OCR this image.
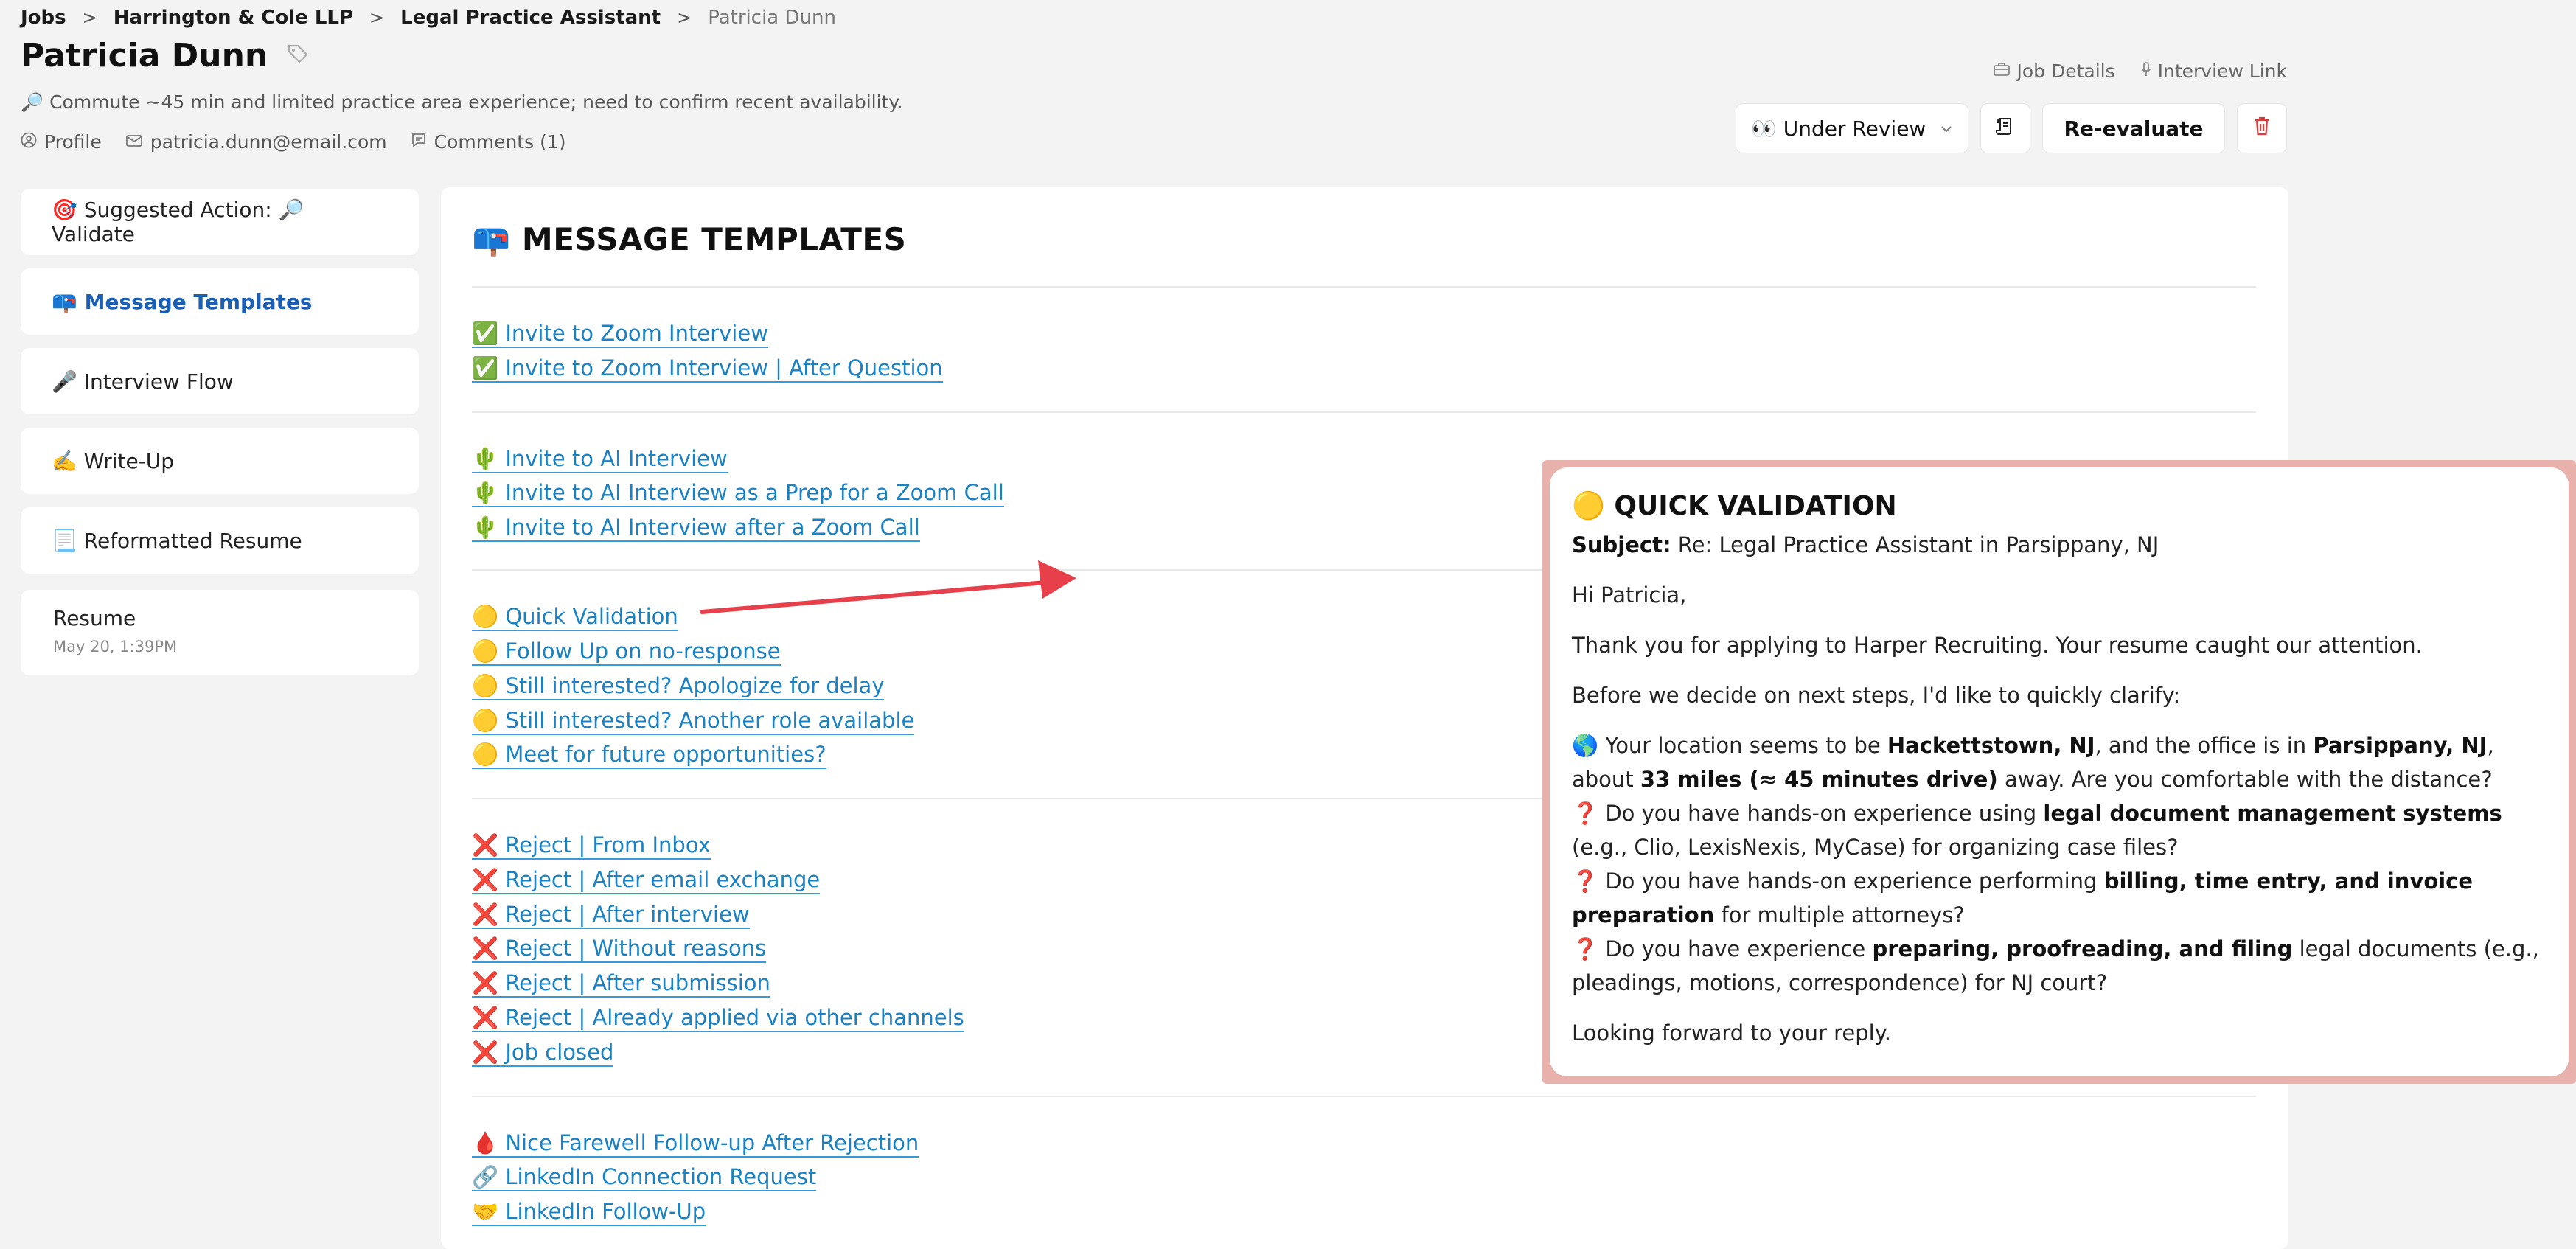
Jobs > Harrington & Cole LLP > Legal Practice Assistant > Patricia Dunn
Patricia Dunn
🔎 Commute ~45 min and limited practice area experience; need to confirm recent availability.
Profile	patricia.dunn@email.com	Comments (1)
Job Details Interview Link
👀 Under Review	Re-evaluate
🎯 Suggested Action: 🔎 Validate
📪 Message Templates
🎤 Interview Flow
✍️ Write-Up
📃 Reformatted Resume
Resume
May 20, 1:39PM
📪 MESSAGE TEMPLATES
✅ Invite to Zoom Interview
✅ Invite to Zoom Interview | After Question
🌵 Invite to AI Interview
🌵 Invite to AI Interview as a Prep for a Zoom Call
🌵 Invite to AI Interview after a Zoom Call
🟡 Quick Validation
🟡 Follow Up on no-response
🟡 Still interested? Apologize for delay
🟡 Still interested? Another role available
🟡 Meet for future opportunities?
❌ Reject | From Inbox
❌ Reject | After email exchange
❌ Reject | After interview
❌ Reject | Without reasons
❌ Reject | After submission
❌ Reject | Already applied via other channels
❌ Job closed
🩸 Nice Farewell Follow-up After Rejection
🔗 LinkedIn Connection Request
🤝 LinkedIn Follow-Up
🟡 QUICK VALIDATION

Subject: Re: Legal Practice Assistant in Parsippany, NJ

Hi Patricia,

Thank you for applying to Harper Recruiting. Your resume caught our attention.

Before we decide on next steps, I'd like to quickly clarify:

🌎 Your location seems to be Hackettstown, NJ, and the office is in Parsippany, NJ, about 33 miles (≈ 45 minutes drive) away. Are you comfortable with the distance?
❓ Do you have hands-on experience using legal document management systems (e.g., Clio, LexisNexis, MyCase) for organizing case files?
❓ Do you have hands-on experience performing billing, time entry, and invoice preparation for multiple attorneys?
❓ Do you have experience preparing, proofreading, and filing legal documents (e.g., pleadings, motions, correspondence) for NJ court?

Looking forward to your reply.
